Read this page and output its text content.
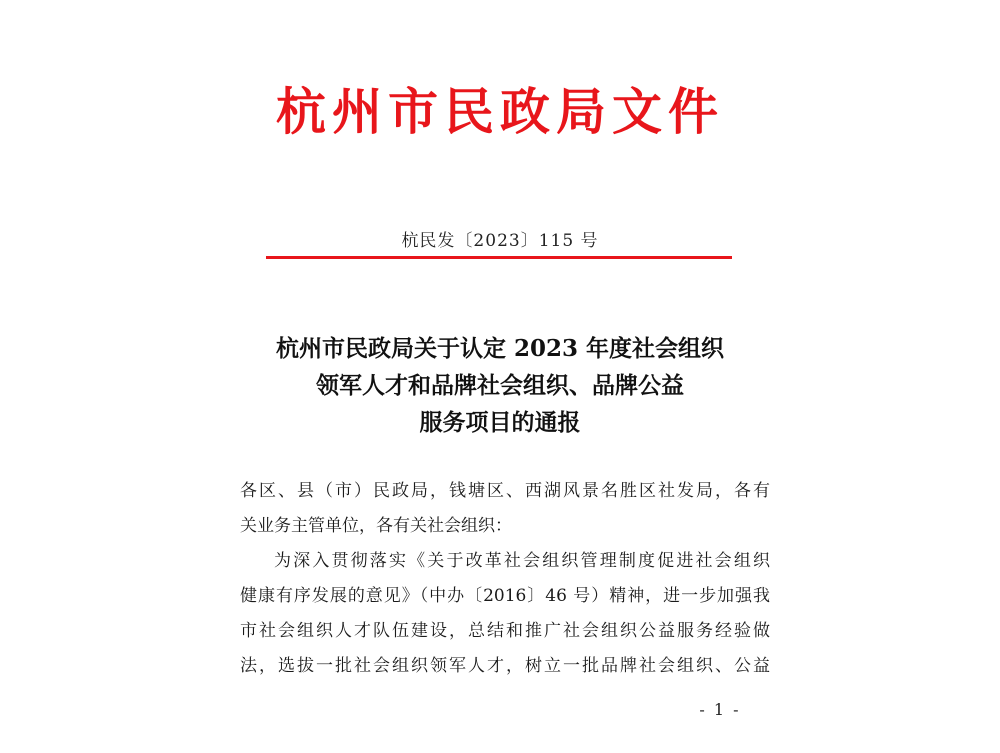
杭州市民政局文件
杭民发〔2023〕115 号
杭州市民政局关于认定 2023 年度社会组织
领军人才和品牌社会组织、品牌公益
服务项目的通报
各区、县（市）民政局，钱塘区、西湖风景名胜区社发局，各有
关业务主管单位，各有关社会组织：
为深入贯彻落实《关于改革社会组织管理制度促进社会组织
健康有序发展的意见》（中办〔2016〕46 号）精神，进一步加强我
市社会组织人才队伍建设，总结和推广社会组织公益服务经验做
法，选拔一批社会组织领军人才，树立一批品牌社会组织、公益
- 1 -
